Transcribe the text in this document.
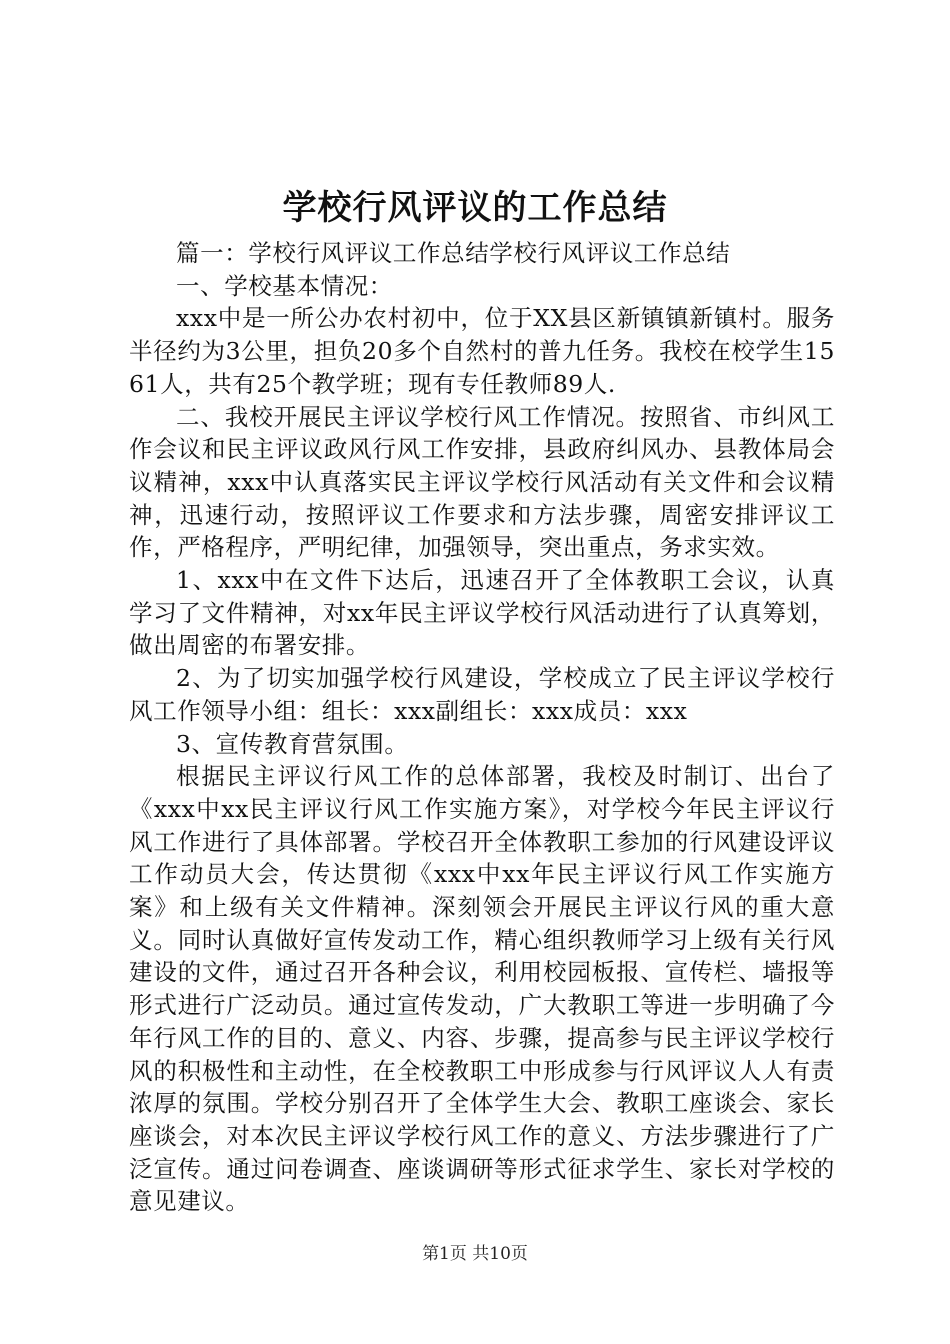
学校行风评议的工作总结

篇一：学校行风评议工作总结学校行风评议工作总结

一、学校基本情况：

xxx中是一所公办农村初中，位于XX县区新镇镇新镇村。服务半径约为3公里，担负20多个自然村的普九任务。我校在校学生1561人，共有25个教学班；现有专任教师89人.

二、我校开展民主评议学校行风工作情况。按照省、市纠风工作会议和民主评议政风行风工作安排，县政府纠风办、县教体局会议精神，xxx中认真落实民主评议学校行风活动有关文件和会议精神，迅速行动，按照评议工作要求和方法步骤，周密安排评议工作，严格程序，严明纪律，加强领导，突出重点，务求实效。

1、xxx中在文件下达后，迅速召开了全体教职工会议，认真学习了文件精神，对xx年民主评议学校行风活动进行了认真筹划，做出周密的布署安排。

2、为了切实加强学校行风建设，学校成立了民主评议学校行风工作领导小组：组长：xxx副组长：xxx成员：xxx

3、宣传教育营氛围。

根据民主评议行风工作的总体部署，我校及时制订、出台了《xxx中xx民主评议行风工作实施方案》，对学校今年民主评议行风工作进行了具体部署。学校召开全体教职工参加的行风建设评议工作动员大会，传达贯彻《xxx中xx年民主评议行风工作实施方案》和上级有关文件精神。深刻领会开展民主评议行风的重大意义。同时认真做好宣传发动工作，精心组织教师学习上级有关行风建设的文件，通过召开各种会议，利用校园板报、宣传栏、墙报等形式进行广泛动员。通过宣传发动，广大教职工等进一步明确了今年行风工作的目的、意义、内容、步骤，提高参与民主评议学校行风的积极性和主动性，在全校教职工中形成参与行风评议人人有责浓厚的氛围。学校分别召开了全体学生大会、教职工座谈会、家长座谈会，对本次民主评议学校行风工作的意义、方法步骤进行了广泛宣传。通过问卷调查、座谈调研等形式征求学生、家长对学校的意见建议。

第1页 共10页
